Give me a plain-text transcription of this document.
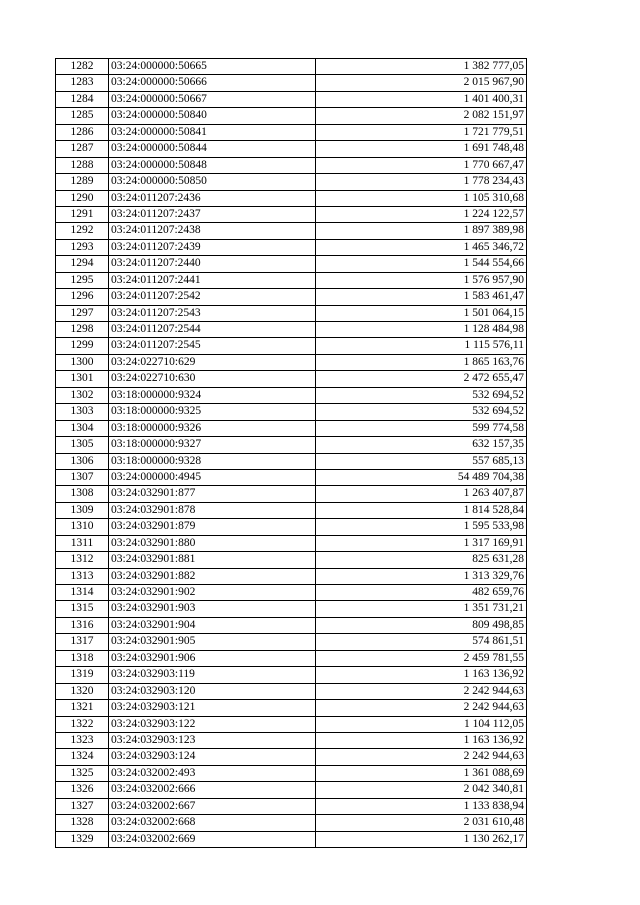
1282	03:24:000000:50665	1 382 777,05
1283	03:24:000000:50666	2 015 967,90
1284	03:24:000000:50667	1 401 400,31
1285	03:24:000000:50840	2 082 151,97
1286	03:24:000000:50841	1 721 779,51
1287	03:24:000000:50844	1 691 748,48
1288	03:24:000000:50848	1 770 667,47
1289	03:24:000000:50850	1 778 234,43
1290	03:24:011207:2436	1 105 310,68
1291	03:24:011207:2437	1 224 122,57
1292	03:24:011207:2438	1 897 389,98
1293	03:24:011207:2439	1 465 346,72
1294	03:24:011207:2440	1 544 554,66
1295	03:24:011207:2441	1 576 957,90
1296	03:24:011207:2542	1 583 461,47
1297	03:24:011207:2543	1 501 064,15
1298	03:24:011207:2544	1 128 484,98
1299	03:24:011207:2545	1 115 576,11
1300	03:24:022710:629	1 865 163,76
1301	03:24:022710:630	2 472 655,47
1302	03:18:000000:9324	532 694,52
1303	03:18:000000:9325	532 694,52
1304	03:18:000000:9326	599 774,58
1305	03:18:000000:9327	632 157,35
1306	03:18:000000:9328	557 685,13
1307	03:24:000000:4945	54 489 704,38
1308	03:24:032901:877	1 263 407,87
1309	03:24:032901:878	1 814 528,84
1310	03:24:032901:879	1 595 533,98
1311	03:24:032901:880	1 317 169,91
1312	03:24:032901:881	825 631,28
1313	03:24:032901:882	1 313 329,76
1314	03:24:032901:902	482 659,76
1315	03:24:032901:903	1 351 731,21
1316	03:24:032901:904	809 498,85
1317	03:24:032901:905	574 861,51
1318	03:24:032901:906	2 459 781,55
1319	03:24:032903:119	1 163 136,92
1320	03:24:032903:120	2 242 944,63
1321	03:24:032903:121	2 242 944,63
1322	03:24:032903:122	1 104 112,05
1323	03:24:032903:123	1 163 136,92
1324	03:24:032903:124	2 242 944,63
1325	03:24:032002:493	1 361 088,69
1326	03:24:032002:666	2 042 340,81
1327	03:24:032002:667	1 133 838,94
1328	03:24:032002:668	2 031 610,48
1329	03:24:032002:669	1 130 262,17
